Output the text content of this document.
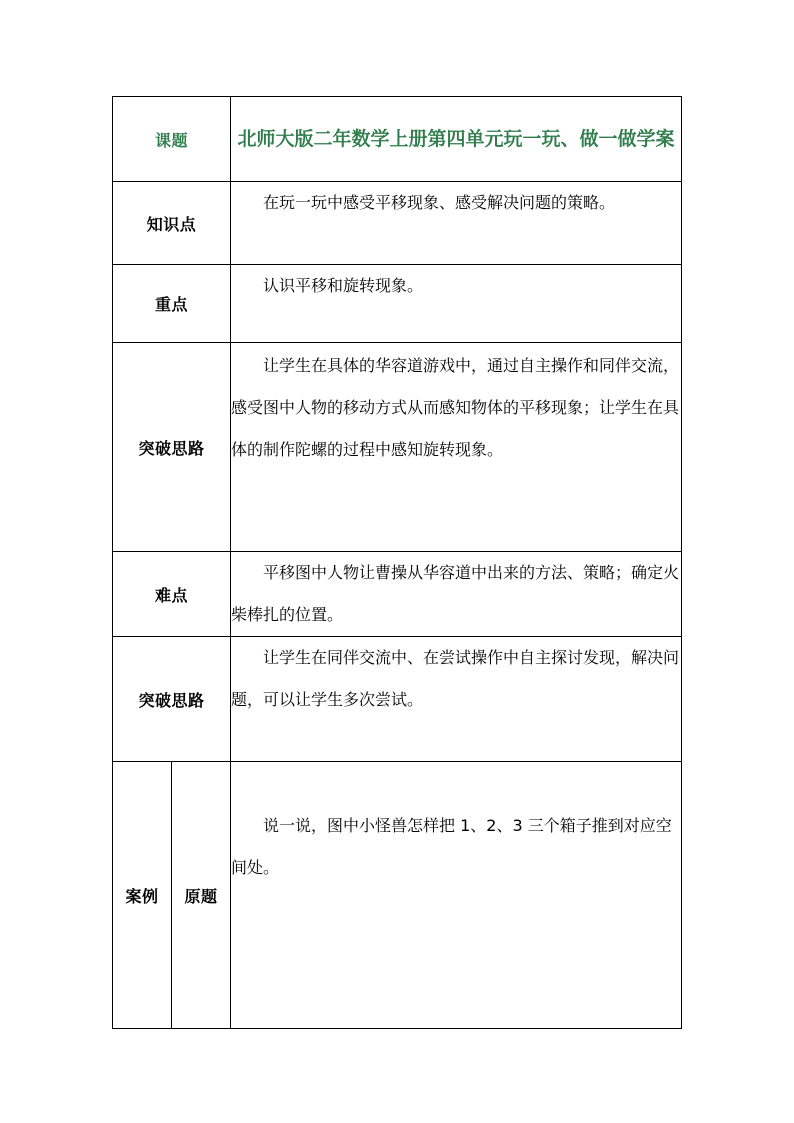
课题		北师大版二年数学上册第四单元玩一玩、做一做学案
知识点		在玩一玩中感受平移现象、感受解决问题的策略。
重点		认识平移和旋转现象。
突破思路		让学生在具体的华容道游戏中，通过自主操作和同伴交流，感受图中人物的移动方式从而感知物体的平移现象；让学生在具体的制作陀螺的过程中感知旋转现象。
难点		平移图中人物让曹操从华容道中出来的方法、策略；确定火柴棒扎的位置。
突破思路		让学生在同伴交流中、在尝试操作中自主探讨发现，解决问题，可以让学生多次尝试。
案例	原题	说一说，图中小怪兽怎样把 1、2、3 三个箱子推到对应空间处。
